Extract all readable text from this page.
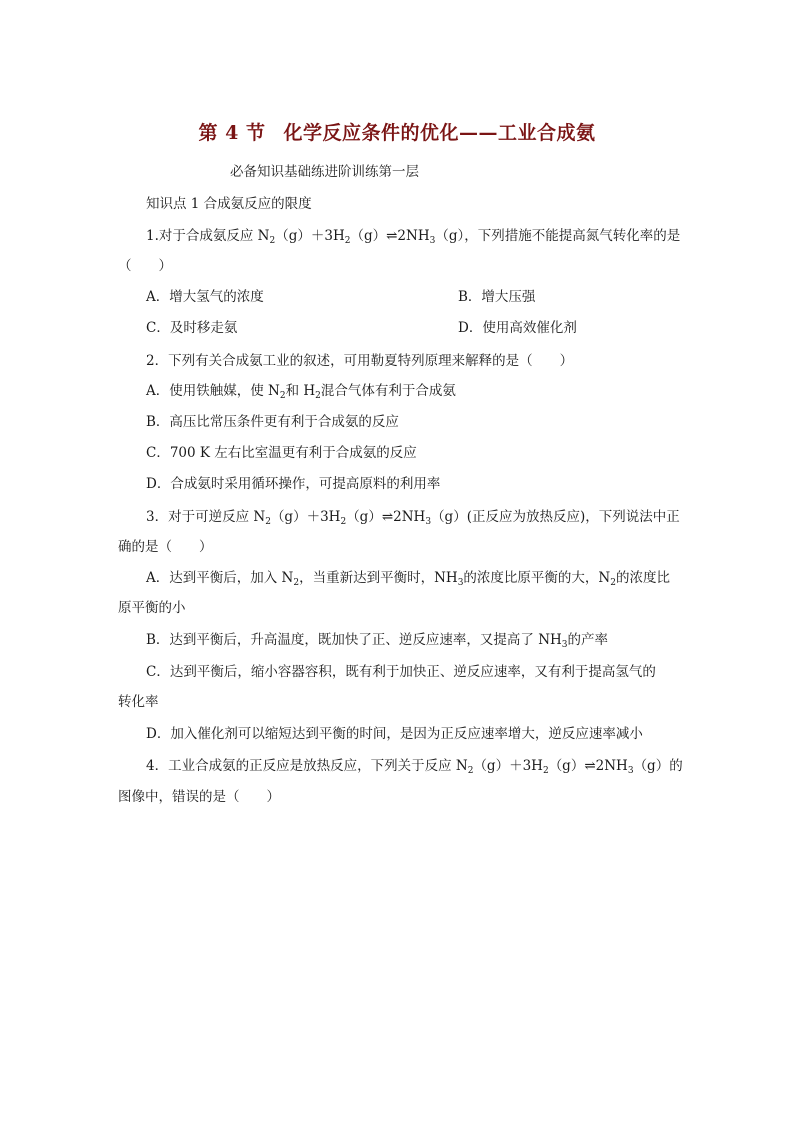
第 4 节 化学反应条件的优化——工业合成氨
必备知识基础练进阶训练第一层
知识点 1 合成氨反应的限度
1.对于合成氨反应 $N_2(g)+3H_2(g)\rightleftharpoons 2NH_3(g)$，下列措施不能提高氮气转化率的是
（　　）
A．增大氢气的浓度	B．增大压强
C．及时移走氨	D．使用高效催化剂
2．下列有关合成氨工业的叙述，可用勒夏特列原理来解释的是（　　）
A．使用铁触媒，使 $N_2$和 $H_2$混合气体有利于合成氨
B．高压比常压条件更有利于合成氨的反应
C．700 K 左右比室温更有利于合成氨的反应
D．合成氨时采用循环操作，可提高原料的利用率
3．对于可逆反应 $N_2(g)+3H_2(g)\rightleftharpoons 2NH_3(g)$(正反应为放热反应)，下列说法中正
确的是（　　）
A．达到平衡后，加入 $N_2$，当重新达到平衡时，$NH_3$的浓度比原平衡的大，$N_2$的浓度比
原平衡的小
B．达到平衡后，升高温度，既加快了正、逆反应速率，又提高了 $NH_3$的产率
C．达到平衡后，缩小容器容积，既有利于加快正、逆反应速率，又有利于提高氢气的
转化率
D．加入催化剂可以缩短达到平衡的时间，是因为正反应速率增大，逆反应速率减小
4．工业合成氨的正反应是放热反应，下列关于反应 $N_2(g)+3H_2(g)\rightleftharpoons 2NH_3(g)$的
图像中，错误的是（　　）
